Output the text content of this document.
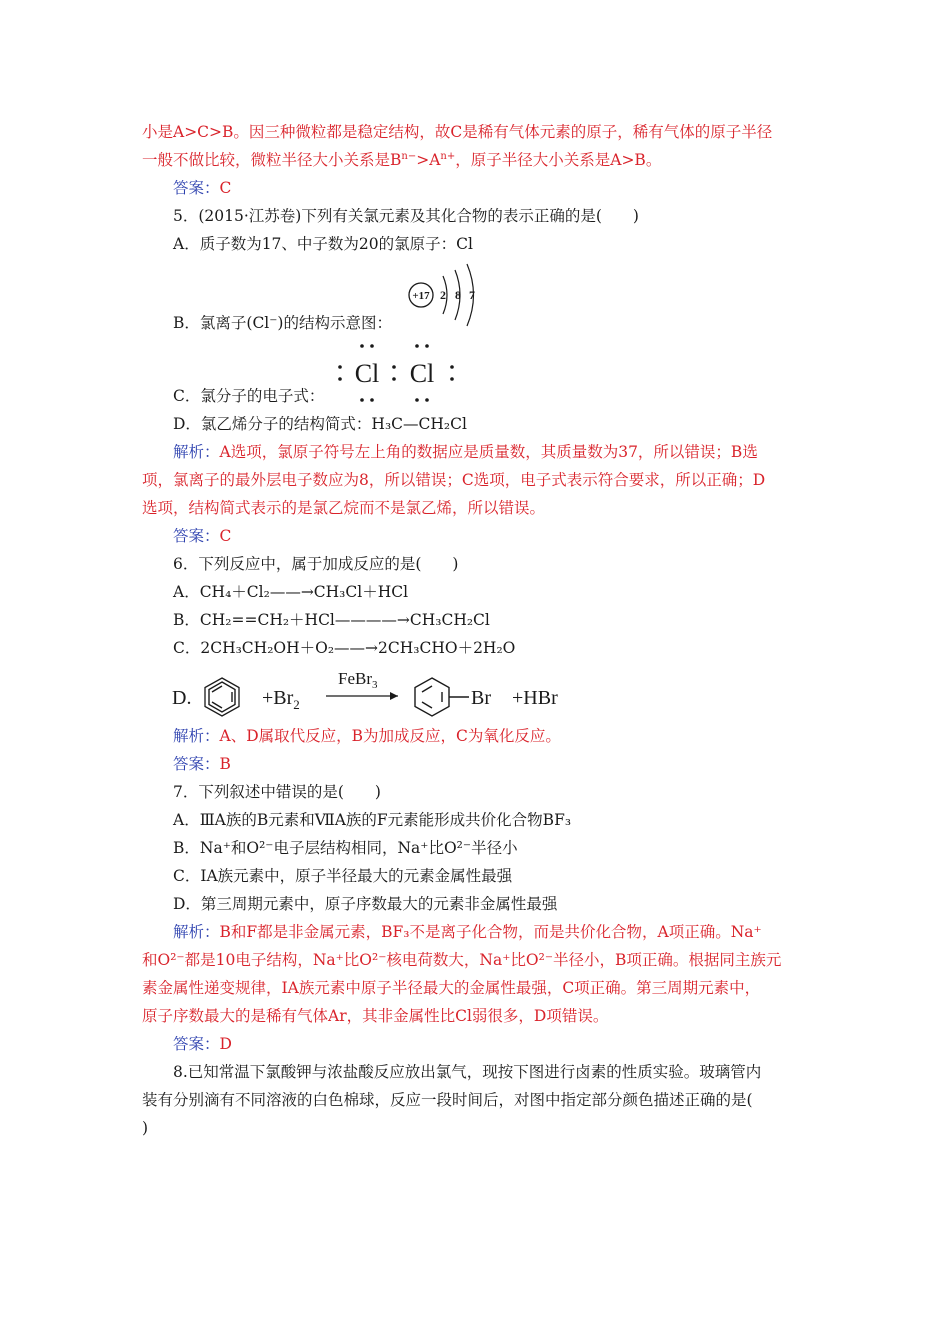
小是A>C>B。因三种微粒都是稳定结构，故C是稀有气体元素的原子，稀有气体的原子半径
一般不做比较，微粒半径大小关系是$B^{n-}>A^{n+}$，原子半径大小关系是A>B。
答案：C
5．(2015·江苏卷)下列有关氯元素及其化合物的表示正确的是(　　)
A．质子数为17、中子数为20的氯原子：Cl
+17 2 8 7
B．氯离子(Cl⁻)的结构示意图：
Cl Cl
C．氯分子的电子式：
D．氯乙烯分子的结构简式：H₃C—CH₂Cl
解析：A选项，氯原子符号左上角的数据应是质量数，其质量数为37，所以错误；B选
项，氯离子的最外层电子数应为8，所以错误；C选项，电子式表示符合要求，所以正确；D
选项，结构简式表示的是氯乙烷而不是氯乙烯，所以错误。
答案：C
6．下列反应中，属于加成反应的是(　　)
A．CH₄＋Cl₂——→CH₃Cl＋HCl
B．CH₂==CH₂＋HCl————→CH₃CH₂Cl
C．2CH₃CH₂OH＋O₂——→2CH₃CHO＋2H₂O
D.	$+Br_2$
FeBr$_3$
Br +HBr
解析：A、D属取代反应，B为加成反应，C为氧化反应。
答案：B
7．下列叙述中错误的是(　　)
A．ⅢA族的B元素和ⅦA族的F元素能形成共价化合物BF₃
B．Na⁺和O²⁻电子层结构相同，Na⁺比O²⁻半径小
C．ⅠA族元素中，原子半径最大的元素金属性最强
D．第三周期元素中，原子序数最大的元素非金属性最强
解析：B和F都是非金属元素，BF₃不是离子化合物，而是共价化合物，A项正确。Na⁺
和O²⁻都是10电子结构，Na⁺比O²⁻核电荷数大，Na⁺比O²⁻半径小，B项正确。根据同主族元
素金属性递变规律，ⅠA族元素中原子半径最大的金属性最强，C项正确。第三周期元素中，
原子序数最大的是稀有气体Ar，其非金属性比Cl弱很多，D项错误。
答案：D
8.已知常温下氯酸钾与浓盐酸反应放出氯气，现按下图进行卤素的性质实验。玻璃管内
装有分别滴有不同溶液的白色棉球，反应一段时间后，对图中指定部分颜色描述正确的是(
)
